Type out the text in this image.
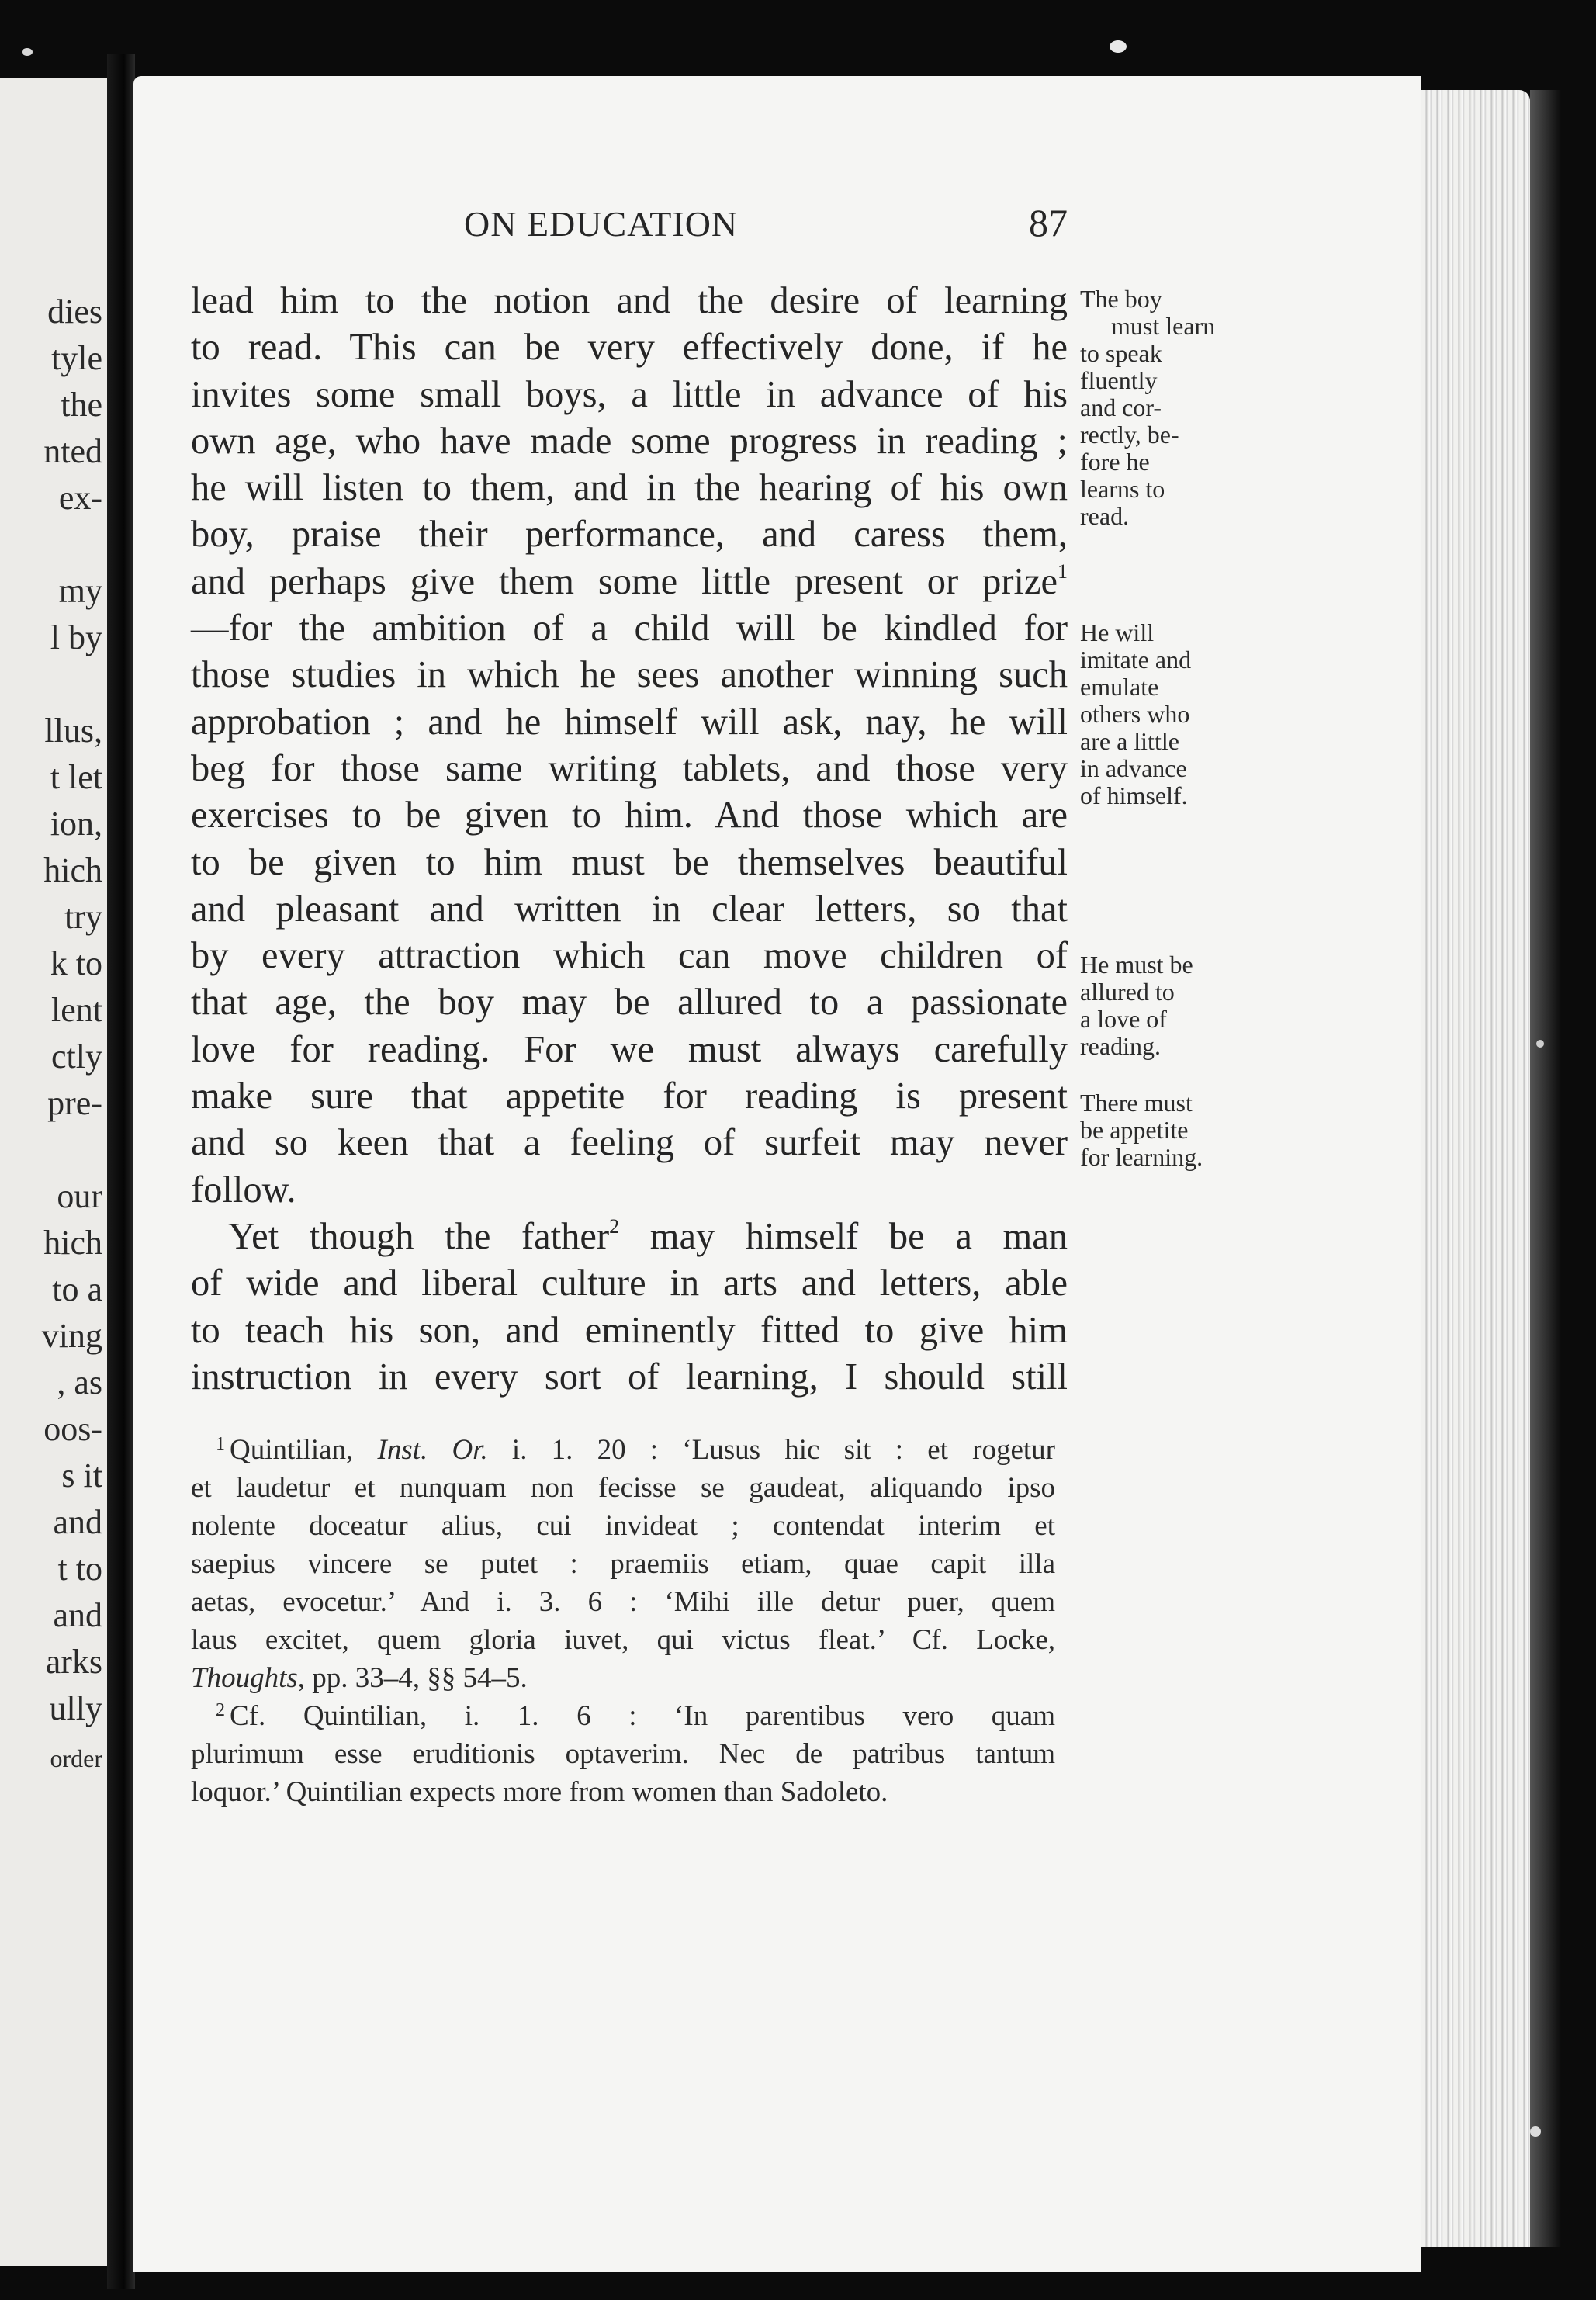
dies
tyle
the
nted
ex-
my
l by
llus,
t let
ion,
hich
try
k to
lent
ctly
pre-
our
hich
to a
ving
, as
oos-
s it
and
t to
and
arks
ully
order
ON EDUCATION	87
lead him to the notion and the desire of learning
to read. This can be very effectively done, if he
invites some small boys, a little in advance of his
own age, who have made some progress in reading ;
he will listen to them, and in the hearing of his own
boy, praise their performance, and caress them,
and perhaps give them some little present or prize$^1$
—for the ambition of a child will be kindled for
those studies in which he sees another winning such
approbation ; and he himself will ask, nay, he will
beg for those same writing tablets, and those very
exercises to be given to him. And those which are
to be given to him must be themselves beautiful
and pleasant and written in clear letters, so that
by every attraction which can move children of
that age, the boy may be allured to a passionate
love for reading. For we must always carefully
make sure that appetite for reading is present
and so keen that a feeling of surfeit may never
follow.
Yet though the father$^2$ may himself be a man
of wide and liberal culture in arts and letters, able
to teach his son, and eminently fitted to give him
instruction in every sort of learning, I should still
The boy
must learn
to speak
fluently
and cor-
rectly, be-
fore he
learns to
read.
He will
imitate and
emulate
others who
are a little
in advance
of himself.
He must be
allured to
a love of
reading.
There must
be appetite
for learning.
$^1$ Quintilian, Inst. Or. i. 1. 20 : ‘Lusus hic sit : et rogetur
et laudetur et nunquam non fecisse se gaudeat, aliquando ipso
nolente doceatur alius, cui invideat ; contendat interim et
saepius vincere se putet : praemiis etiam, quae capit illa
aetas, evocetur.’ And i. 3. 6 : ‘Mihi ille detur puer, quem
laus excitet, quem gloria iuvet, qui victus fleat.’ Cf. Locke,
Thoughts, pp. 33–4, §§ 54–5.
$^2$ Cf. Quintilian, i. 1. 6 : ‘In parentibus vero quam
plurimum esse eruditionis optaverim. Nec de patribus tantum
loquor.’ Quintilian expects more from women than Sadoleto.
